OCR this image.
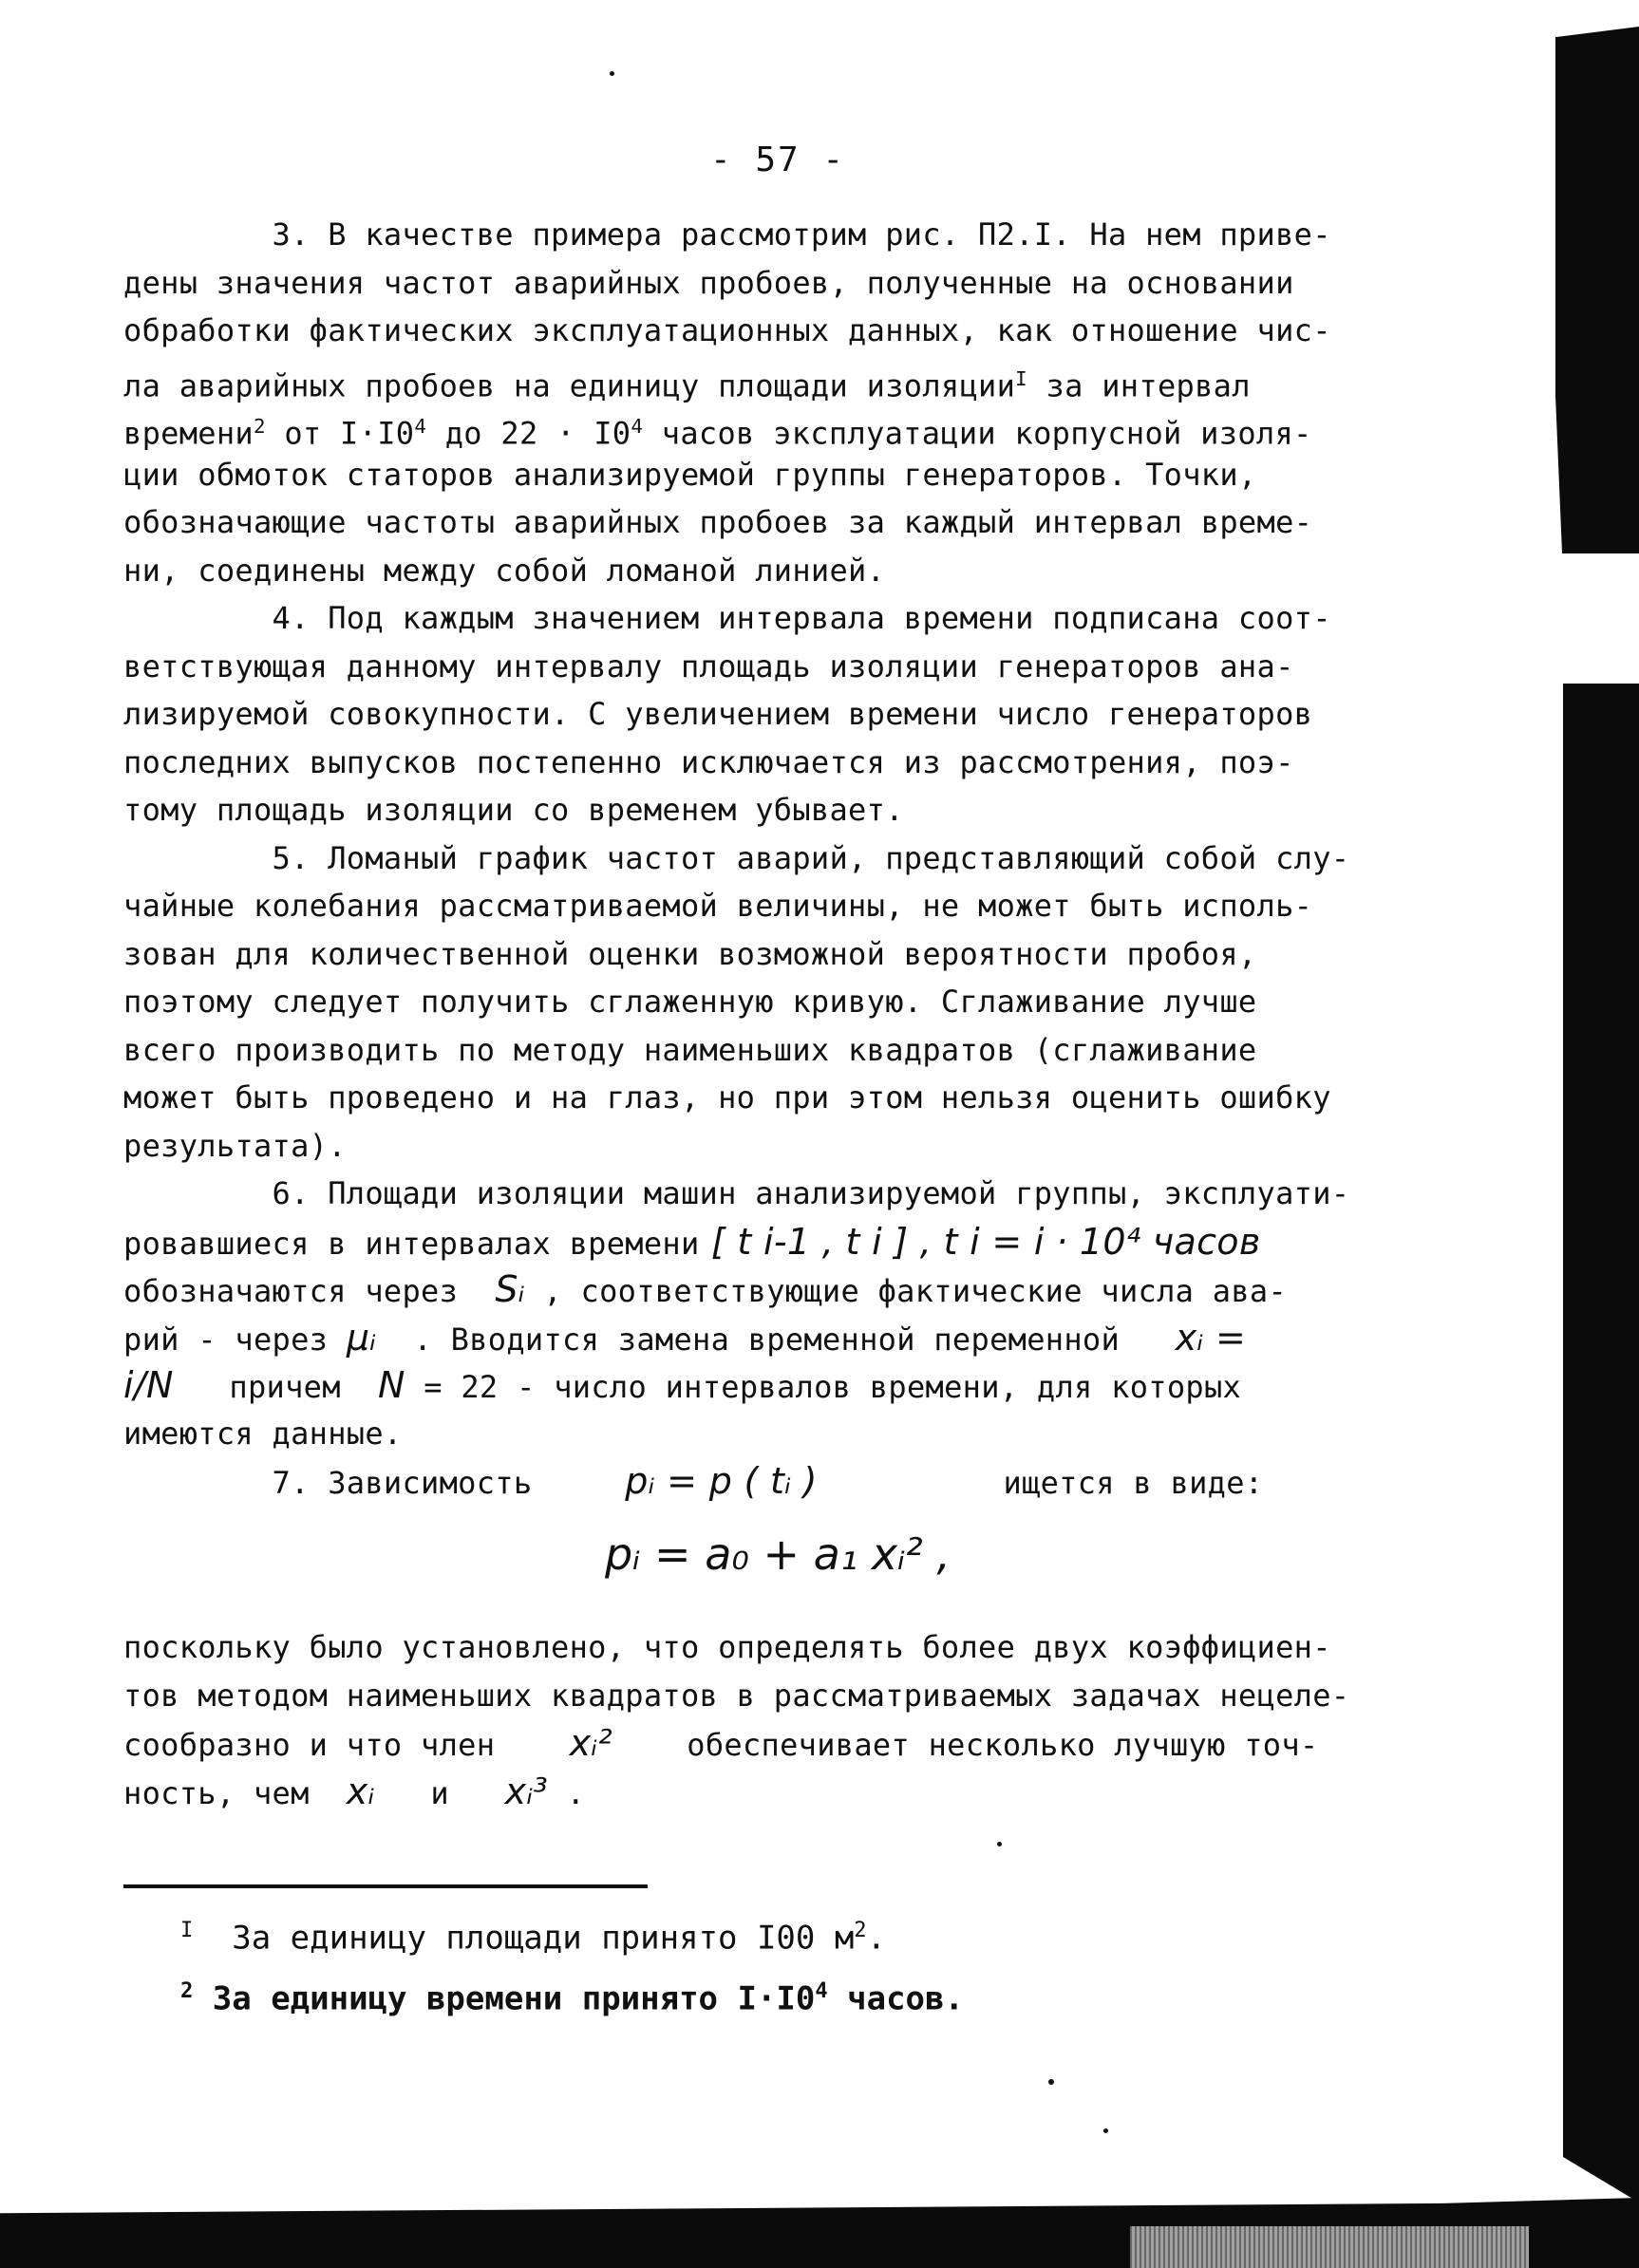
- 57 -
3. В качестве примера рассмотрим рис. П2.I. На нем приве-
дены значения частот аварийных пробоев, полученные на основании
обработки фактических эксплуатационных данных, как отношение чис-
ла аварийных пробоев на единицу площади изоляции$^I$ за интервал
времени$^2$ от $I\cdot I0^4$ до $22 \cdot I0^4$ часов эксплуатации корпусной изоля-
ции обмоток статоров анализируемой группы генераторов. Точки,
обозначающие частоты аварийных пробоев за каждый интервал време-
ни, соединены между собой ломаной линией.
4. Под каждым значением интервала времени подписана соот-
ветствующая данному интервалу площадь изоляции генераторов ана-
лизируемой совокупности. С увеличением времени число генераторов
последних выпусков постепенно исключается из рассмотрения, поэ-
тому площадь изоляции со временем убывает.
5. Ломаный график частот аварий, представляющий собой слу-
чайные колебания рассматриваемой величины, не может быть исполь-
зован для количественной оценки возможной вероятности пробоя,
поэтому следует получить сглаженную кривую. Сглаживание лучше
всего производить по методу наименьших квадратов (сглаживание
может быть проведено и на глаз, но при этом нельзя оценить ошибку
результата).
6. Площади изоляции машин анализируемой группы, эксплуати-
ровавшиеся в интервалах времени [ t i-1 , t i ] , t i = i · 10⁴ часов
обозначаются через Sᵢ , соответствующие фактические числа ава-
рий - через μᵢ . Вводится замена временной переменной xᵢ =
i/N причем N = 22 - число интервалов времени, для которых
имеются данные.
7. Зависимость	pᵢ = p ( tᵢ )	ищется в виде:
pᵢ = a₀ + a₁ xᵢ² ,
поскольку было установлено, что определять более двух коэффициен-
тов методом наименьших квадратов в рассматриваемых задачах нецеле-
сообразно и что член xᵢ² обеспечивает несколько лучшую точ-
ность, чем xᵢ и xᵢ³ .
$^I$ За единицу площади принято I00 $м^2$.
$^2$ За единицу времени принято $I\cdot I0^4$ часов.
